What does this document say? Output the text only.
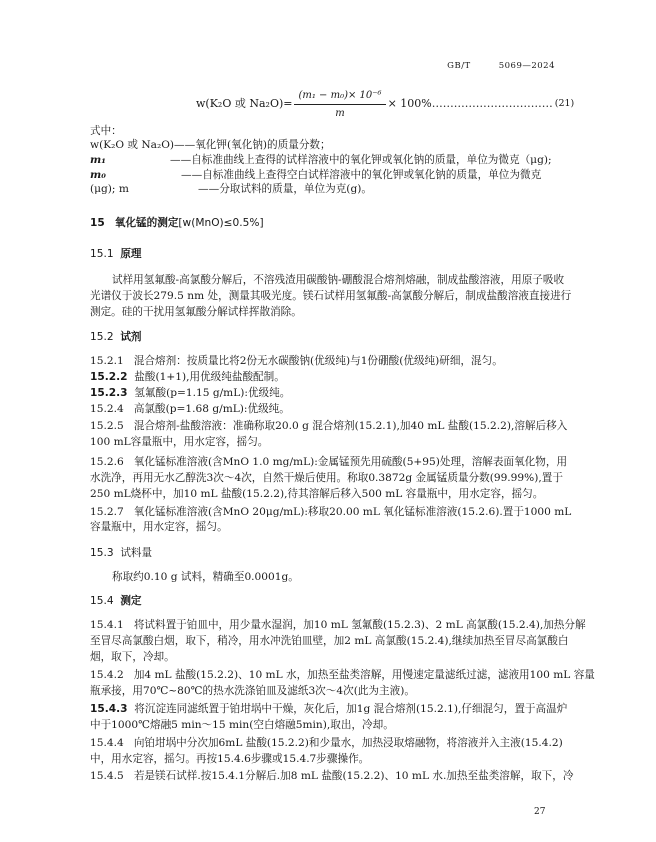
GB/T	5069—2024
w(K₂O 或 $Na_2O)= \frac{\text{(m₁ − m₀)× 10⁻⁶}}{m} \times 100\%$ …………………………… (21)
式中：
w(K₂O 或 Na₂O)——氧化钾(氧化钠)的质量分数；
m₁	——自标准曲线上查得的试样溶液中的氧化钾或氧化钠的质量，单位为微克（μg);
m₀	——自标准曲线上查得空白试样溶液中的氧化钾或氧化钠的质量，单位为微克
(μg); m	——分取试料的质量，单位为克(g)。
15 氧化锰的测定[w(MnO)≤0.5%]
15.1 原理
试样用氢氟酸-高氯酸分解后，不溶残渣用碳酸钠-硼酸混合熔剂熔融，制成盐酸溶液，用原子吸收
光谱仪于波长279.5 nm 处，测量其吸光度。镁石试样用氢氟酸-高氯酸分解后，制成盐酸溶液直接进行
测定。硅的干扰用氢氟酸分解试样挥散消除。
15.2 试剂
15.2.1 混合熔剂：按质量比将2份无水碳酸钠(优级纯)与1份硼酸(优级纯)研细，混匀。
15.2.2 盐酸(1+1),用优级纯盐酸配制。
15.2.3 氢氟酸(p=1.15 g/mL):优级纯。
15.2.4 高氯酸(p=1.68 g/mL):优级纯。
15.2.5 混合熔剂-盐酸溶液：准确称取20.0 g 混合熔剂(15.2.1),加40 mL 盐酸(15.2.2),溶解后移入
100 mL容量瓶中，用水定容，摇匀。
15.2.6 氧化锰标准溶液(含MnO 1.0 mg/mL):金属锰预先用硫酸(5+95)处理，溶解表面氧化物，用
水洗净，再用无水乙醇洗3次～4次，自然干燥后使用。称取0.3872g 金属锰质量分数(99.99%),置于
250 mL烧杯中，加10 mL 盐酸(15.2.2),待其溶解后移入500 mL 容量瓶中，用水定容，摇匀。
15.2.7 氧化锰标准溶液(含MnO 20μg/mL):移取20.00 mL 氧化锰标准溶液(15.2.6).置于1000 mL
容量瓶中，用水定容，摇匀。
15.3 试料量
称取约0.10 g 试料，精确至0.0001g。
15.4 测定
15.4.1 将试料置于铂皿中，用少量水湿润，加10 mL 氢氟酸(15.2.3)、2 mL 高氯酸(15.2.4),加热分解
至冒尽高氯酸白烟，取下，稍冷，用水冲洗铂皿壁，加2 mL 高氯酸(15.2.4),继续加热至冒尽高氯酸白
烟，取下，冷却。
15.4.2 加4 mL 盐酸(15.2.2)、10 mL 水，加热至盐类溶解，用慢速定量滤纸过滤，滤液用100 mL 容量
瓶承接，用70℃~80℃的热水洗涤铂皿及滤纸3次～4次(此为主液)。
15.4.3 将沉淀连同滤纸置于铂坩埚中干燥，灰化后，加1g 混合熔剂(15.2.1),仔细混匀，置于高温炉
中于1000℃熔融5 min～15 min(空白熔融5min),取出，冷却。
15.4.4 向铂坩埚中分次加6mL 盐酸(15.2.2)和少量水，加热浸取熔融物，将溶液并入主液(15.4.2)
中，用水定容，摇匀。再按15.4.6步骤或15.4.7步骤操作。
15.4.5 若是镁石试样.按15.4.1分解后.加8 mL 盐酸(15.2.2)、10 mL 水.加热至盐类溶解，取下，冷
27
